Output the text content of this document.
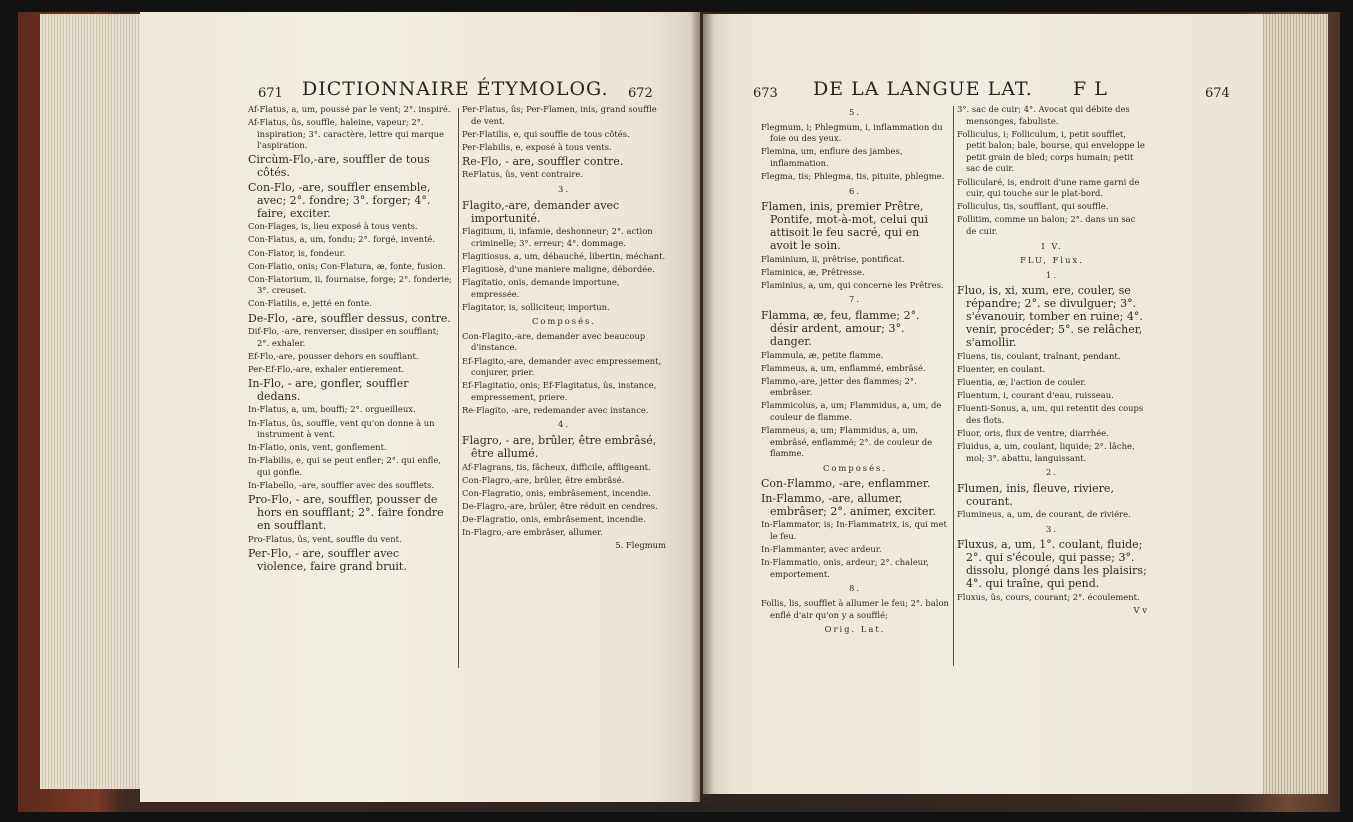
671 DICTIONNAIRE ÉTYMOLOG. 672

Af-Flatus, a, um, poussé par le vent; 2°. inspiré.

Af-Flatus, ûs, souffle, haleine, vapeur; 2°. inspiration; 3°. caractère, lettre qui marque l'aspiration.

Circùm-Flo,-are, souffler de tous côtés.

Con-Flo, -are, souffler ensemble, avec; 2°. fondre; 3°. forger; 4°. faire, exciter.

Con-Flages, is, lieu exposé à tous vents.

Con-Flatus, a, um, fondu; 2°. forgé, inventé.

Con-Flator, is, fondeur.

Con-Flatio, onis; Con-Flatura, æ, fonte, fusion.

Con-Flatorium, ii, fournaise, forge; 2°. fonderie; 3°. creuset.

Con-Flatilis, e, jetté en fonte.

De-Flo, -are, souffler dessus, contre.

Dif-Flo, -are, renverser, dissiper en soufflant; 2°. exhaler.

Ef-Flo,-are, pousser dehors en soufflant.

Per-Ef-Flo,-are, exhaler entierement.

In-Flo, - are, gonfler, souffler dedans.

In-Flatus, a, um, bouffi; 2°. orgueilleux.

In-Flatus, ûs, souffle, vent qu'on donne à un instrument à vent.

In-Flatio, onis, vent, gonflement.

In-Flabilis, e, qui se peut enfler; 2°. qui enfle, qui gonfle.

In-Flabello, -are, souffler avec des soufflets.

Pro-Flo, - are, souffler, pousser de hors en soufflant; 2°. faire fondre en soufflant.

Pro-Flatus, ûs, vent, souffle du vent.

Per-Flo, - are, souffler avec violence, faire grand bruit.

Per-Flatus, ûs; Per-Flamen, inis, grand souffle de vent.

Per-Flatilis, e, qui souffle de tous côtés.

Per-Flabilis, e, exposé à tous vents.

Re-Flo, - are, souffler contre.

ReFlatus, ûs, vent contraire.

3.

Flagito,-are, demander avec importunité.

Flagitium, ii, infamie, deshonneur; 2°. action criminelle; 3°. erreur; 4°. dommage.

Flagitiosus, a, um, débauché, libertin, méchant.

Flagitiosè, d'une maniere maligne, débordée.

Flagitatio, onis, demande importune, empressée.

Flagitator, is, solliciteur, importun.

Composés.

Con-Flagito,-are, demander avec beaucoup d'instance.

Ef-Flagito,-are, demander avec empressement, conjurer, prier.

Ef-Flagitatio, onis; Ef-Flagitatus, ûs, instance, empressement, priere.

Re-Flagito, -are, redemander avec instance.

4.

Flagro, - are, brûler, être embrâsé, être allumé.

Af-Flagrans, tis, fâcheux, difficile, affligeant.

Con-Flagro,-are, brûler, être embrâsé.

Con-Flagratio, onis, embrâsement, incendie.

De-Flagro,-are, brûler, être réduit en cendres.

De-Flagratio, onis, embrâsement, incendie.

In-Flagro,-are embrâser, allumer.

5. Flegmum

673 DE LA LANGUE LAT. F L	674

5.

Flegmum, i; Phlegmum, i, inflammation du foie ou des yeux.

Flemina, um, enflure des jambes, inflammation.

Flegma, tis; Phlegma, tis, pituite, phlegme.

6.

Flamen, inis, premier Prêtre, Pontife, mot-à-mot, celui qui attisoit le feu sacré, qui en avoit le soin.

Flaminium, ii, prêtrise, pontificat.

Flaminica, æ, Prêtresse.

Flaminius, a, um, qui concerne les Prêtres.

7.

Flamma, æ, feu, flamme; 2°. désir ardent, amour; 3°. danger.

Flammula, æ, petite flamme.

Flammeus, a, um, enflammé, embrâsé.

Flammo,-are, jetter des flammes; 2°. embrâser.

Flammicolus, a, um; Flammidus, a, um, de couleur de flamme.

Flammeus, a, um; Flammidus, a, um, embrâsé, enflammé; 2°. de couleur de flamme.

Composés.

Con-Flammo, -are, enflammer.

In-Flammo, -are, allumer, embrâser; 2°. animer, exciter.

In-Flammator, is; In-Flammatrix, is, qui met le feu.

In-Flammanter, avec ardeur.

In-Flammatio, onis, ardeur; 2°. chaleur, emportement.

8.

Follis, lis, soufflet à allumer le feu; 2°. balon enflé d'air qu'on y a soufflé;

Orig. Lat.

3°. sac de cuir; 4°. Avocat qui débite des mensonges, fabuliste.

Folliculus, i; Folliculum, i, petit soufflet, petit balon; bale, bourse, qui enveloppe le petit grain de bled; corps humain; petit sac de cuir.

Follicularé, is, endroit d'une rame garni de cuir, qui touche sur le plat-bord.

Folliculus, tis, soufflant, qui souffle.

Follitim, comme un balon; 2°. dans un sac de cuir.

I V.

FLU, Flux.

1.

Fluo, is, xi, xum, ere, couler, se répandre; 2°. se divulguer; 3°. s'évanouir, tomber en ruine; 4°. venir, procéder; 5°. se relâcher, s'amollir.

Fluens, tis, coulant, traînant, pendant.

Fluenter, en coulant.

Fluentia, æ, l'action de couler.

Fluentum, i, courant d'eau, ruisseau.

Fluenti-Sonus, a, um, qui retentit des coups des flots.

Fluor, oris, flux de ventre, diarrhée.

Fluidus, a, um, coulant, liquide; 2°. lâche, mol; 3°. abattu, languissant.

2.

Flumen, inis, fleuve, riviere, courant.

Flumineus, a, um, de courant, de riviére.

3.

Fluxus, a, um, 1°. coulant, fluide; 2°. qui s'écoule, qui passe; 3°. dissolu, plongé dans les plaisirs; 4°. qui traîne, qui pend.

Fluxus, ûs, cours, courant; 2°. écoulement.

V v
